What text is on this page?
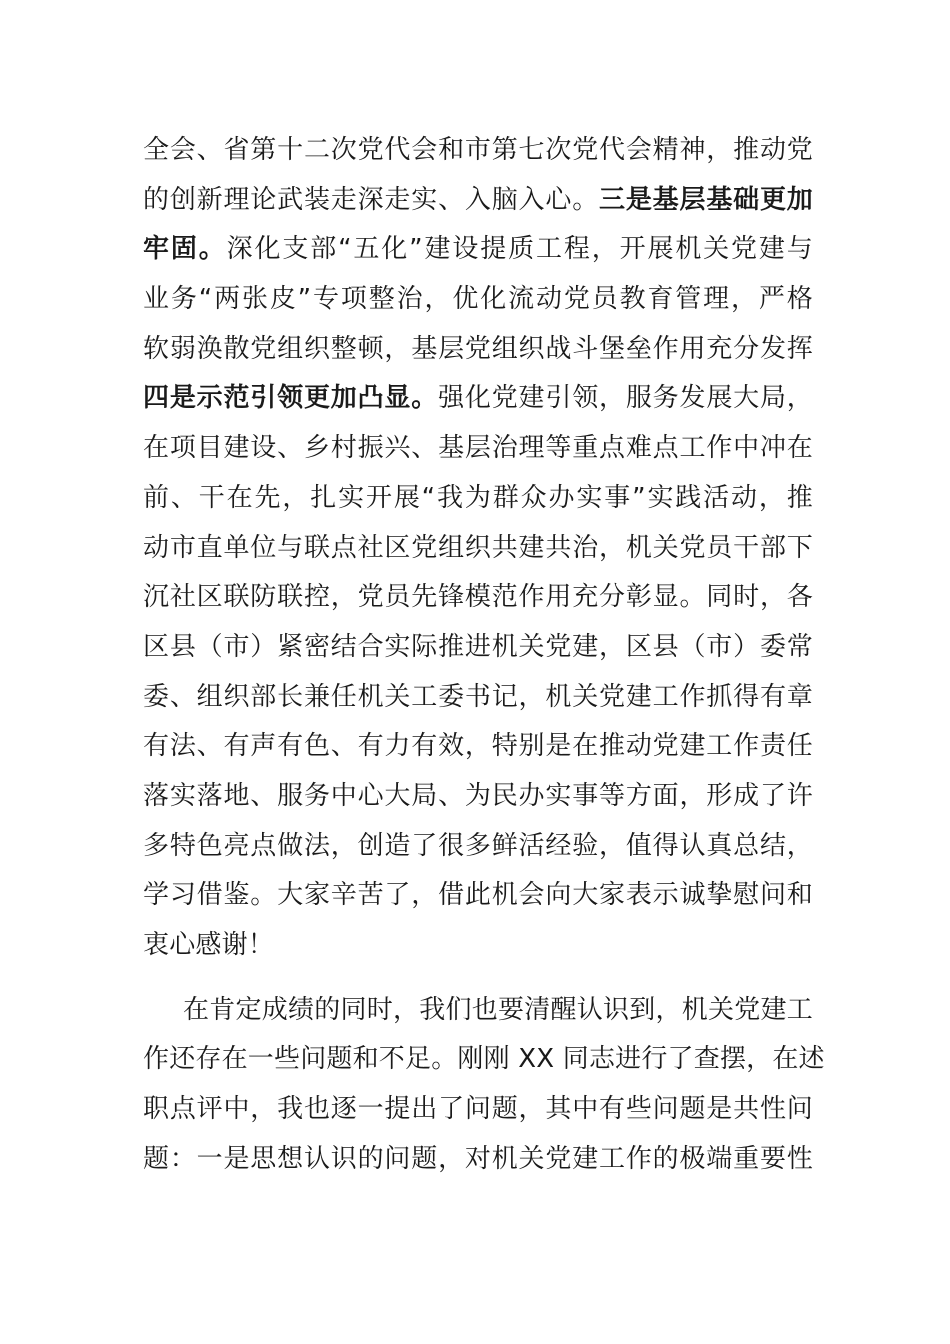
全会、省第十二次党代会和市第七次党代会精神，推动党
的创新理论武装走深走实、入脑入心。三是基层基础更加
牢固。深化支部“五化”建设提质工程，开展机关党建与
业务“两张皮”专项整治，优化流动党员教育管理，严格
软弱涣散党组织整顿，基层党组织战斗堡垒作用充分发挥
四是示范引领更加凸显。强化党建引领，服务发展大局，
在项目建设、乡村振兴、基层治理等重点难点工作中冲在
前、干在先，扎实开展“我为群众办实事”实践活动，推
动市直单位与联点社区党组织共建共治，机关党员干部下
沉社区联防联控，党员先锋模范作用充分彰显。同时，各
区县（市）紧密结合实际推进机关党建，区县（市）委常
委、组织部长兼任机关工委书记，机关党建工作抓得有章
有法、有声有色、有力有效，特别是在推动党建工作责任
落实落地、服务中心大局、为民办实事等方面，形成了许
多特色亮点做法，创造了很多鲜活经验，值得认真总结，
学习借鉴。大家辛苦了，借此机会向大家表示诚挚慰问和
衷心感谢！
在肯定成绩的同时，我们也要清醒认识到，机关党建工
作还存在一些问题和不足。刚刚 XX 同志进行了查摆，在述
职点评中，我也逐一提出了问题，其中有些问题是共性问
题：一是思想认识的问题，对机关党建工作的极端重要性
